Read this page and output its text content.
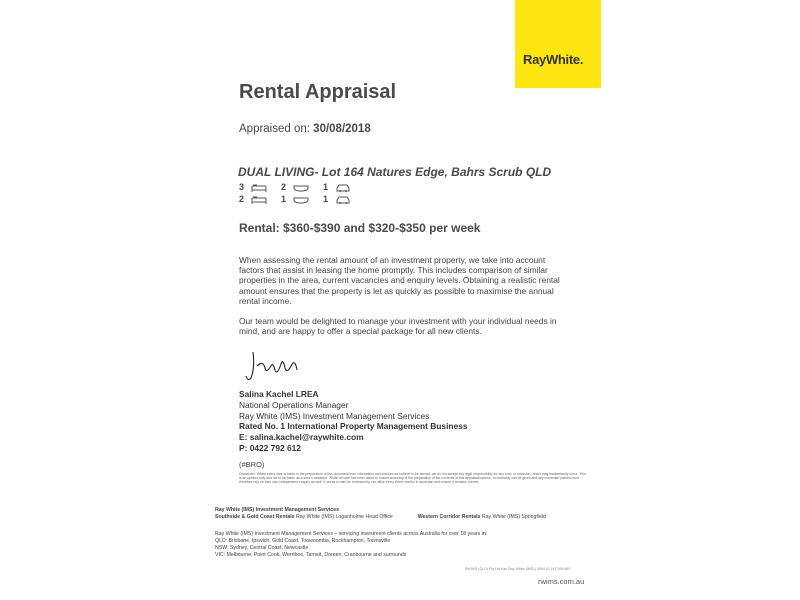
RayWhite.
Rental Appraisal
Appraised on: 30/08/2018
DUAL LIVING- Lot 164 Natures Edge, Bahrs Scrub QLD
3	2	1
2	1	1
Rental: $360-$390 and $320-$350 per week
When assessing the rental amount of an investment property, we take into account factors that assist in leasing the home promptly. This includes comparison of similar properties in the area, current vacancies and enquiry levels. Obtaining a realistic rental amount ensures that the property is let as quickly as possible to maximise the annual rental income.
Our team would be delighted to manage your investment with your individual needs in mind, and are happy to offer a special package for all new clients.
Salina Kachel LREA
National Operations Manager
Ray White (IMS) Investment Management Services
Rated No. 1 International Property Management Business
E: salina.kachel@raywhite.com
P: 0422 792 612
(#BRO)
Disclaimer: Whilst every care is taken in the preparation of this document from information and sources we believe to be correct, we do not accept any legal responsibility for any error or omission, which may inadvertently occur. This is an opinion only and not to be taken as a sworn valuation. Whilst all care has been taken to ensure accuracy in the preparation of the contents of this appraisal/opinion, no warranty can be given and any interested parties must therefore rely on their own independent enquiry as well. It needs to also be reviewed by our office every three months to ascertain and ensure it remains current.
Ray White (IMS) Investment Management Services
Southside & Gold Coast Rentals Ray White (IMS) Loganholme Head Office	Western Corridor Rentals Ray White (IMS) Springfield
Ray White (IMS) Investment Management Services – servicing investment clients across Australia for over 18 years in:
QLD: Brisbane, Ipswich, Gold Coast, Toowoomba, Rockhampton, Townsville
NSW: Sydney, Central Coast, Newcastle
VIC: Melbourne, Point Cook, Werribee, Tarneit, Doreen, Cranbourne and surrounds
RWIMS (QLD) Pty Ltd t/as Ray White (IMS) | ABN 42 147 269 867
rwims.com.au
